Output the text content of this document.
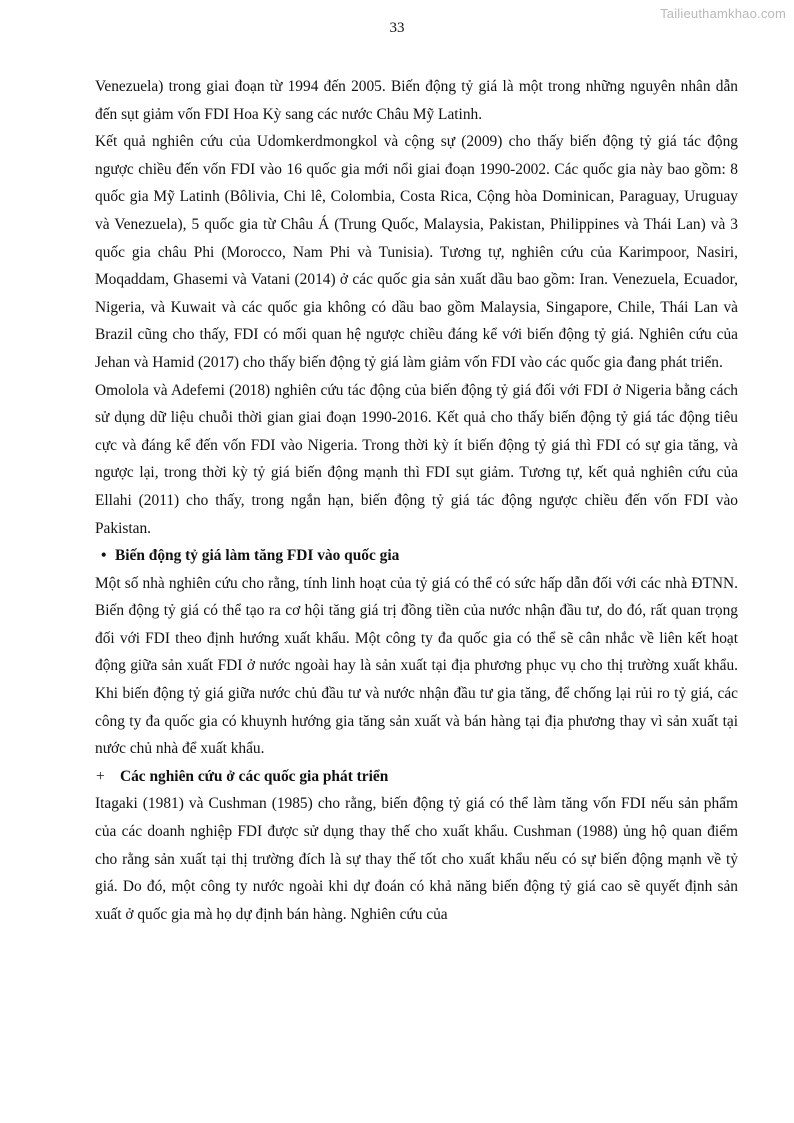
Tailieuthamkhao.com
33

Venezuela) trong giai đoạn từ 1994 đến 2005. Biến động tỷ giá là một trong những nguyên nhân dẫn đến sụt giảm vốn FDI Hoa Kỳ sang các nước Châu Mỹ Latinh.

Kết quả nghiên cứu của Udomkerdmongkol và cộng sự (2009) cho thấy biến động tỷ giá tác động ngược chiều đến vốn FDI vào 16 quốc gia mới nổi giai đoạn 1990-2002. Các quốc gia này bao gồm: 8 quốc gia Mỹ Latinh (Bôlivia, Chi lê, Colombia, Costa Rica, Cộng hòa Dominican, Paraguay, Uruguay và Venezuela), 5 quốc gia từ Châu Á (Trung Quốc, Malaysia, Pakistan, Philippines và Thái Lan) và 3 quốc gia châu Phi (Morocco, Nam Phi và Tunisia). Tương tự, nghiên cứu của Karimpoor, Nasiri, Moqaddam, Ghasemi và Vatani (2014) ở các quốc gia sản xuất dầu bao gồm: Iran. Venezuela, Ecuador, Nigeria, và Kuwait và các quốc gia không có dầu bao gồm Malaysia, Singapore, Chile, Thái Lan và Brazil cũng cho thấy, FDI có mối quan hệ ngược chiều đáng kể với biến động tỷ giá. Nghiên cứu của Jehan và Hamid (2017) cho thấy biến động tỷ giá làm giảm vốn FDI vào các quốc gia đang phát triển.

Omolola và Adefemi (2018) nghiên cứu tác động của biến động tỷ giá đối với FDI ở Nigeria bằng cách sử dụng dữ liệu chuỗi thời gian giai đoạn 1990-2016. Kết quả cho thấy biến động tỷ giá tác động tiêu cực và đáng kể đến vốn FDI vào Nigeria. Trong thời kỳ ít biến động tỷ giá thì FDI có sự gia tăng, và ngược lại, trong thời kỳ tỷ giá biến động mạnh thì FDI sụt giảm. Tương tự, kết quả nghiên cứu của Ellahi (2011) cho thấy, trong ngắn hạn, biến động tỷ giá tác động ngược chiều đến vốn FDI vào Pakistan.

• Biến động tỷ giá làm tăng FDI vào quốc gia

Một số nhà nghiên cứu cho rằng, tính linh hoạt của tỷ giá có thể có sức hấp dẫn đối với các nhà ĐTNN. Biến động tỷ giá có thể tạo ra cơ hội tăng giá trị đồng tiền của nước nhận đầu tư, do đó, rất quan trọng đối với FDI theo định hướng xuất khẩu. Một công ty đa quốc gia có thể sẽ cân nhắc về liên kết hoạt động giữa sản xuất FDI ở nước ngoài hay là sản xuất tại địa phương phục vụ cho thị trường xuất khẩu. Khi biến động tỷ giá giữa nước chủ đầu tư và nước nhận đầu tư gia tăng, để chống lại rủi ro tỷ giá, các công ty đa quốc gia có khuynh hướng gia tăng sản xuất và bán hàng tại địa phương thay vì sản xuất tại nước chủ nhà để xuất khẩu.

+ Các nghiên cứu ở các quốc gia phát triển

Itagaki (1981) và Cushman (1985) cho rằng, biến động tỷ giá có thể làm tăng vốn FDI nếu sản phẩm của các doanh nghiệp FDI được sử dụng thay thế cho xuất khẩu. Cushman (1988) ủng hộ quan điểm cho rằng sản xuất tại thị trường đích là sự thay thế tốt cho xuất khẩu nếu có sự biến động mạnh về tỷ giá. Do đó, một công ty nước ngoài khi dự đoán có khả năng biến động tỷ giá cao sẽ quyết định sản xuất ở quốc gia mà họ dự định bán hàng. Nghiên cứu của
